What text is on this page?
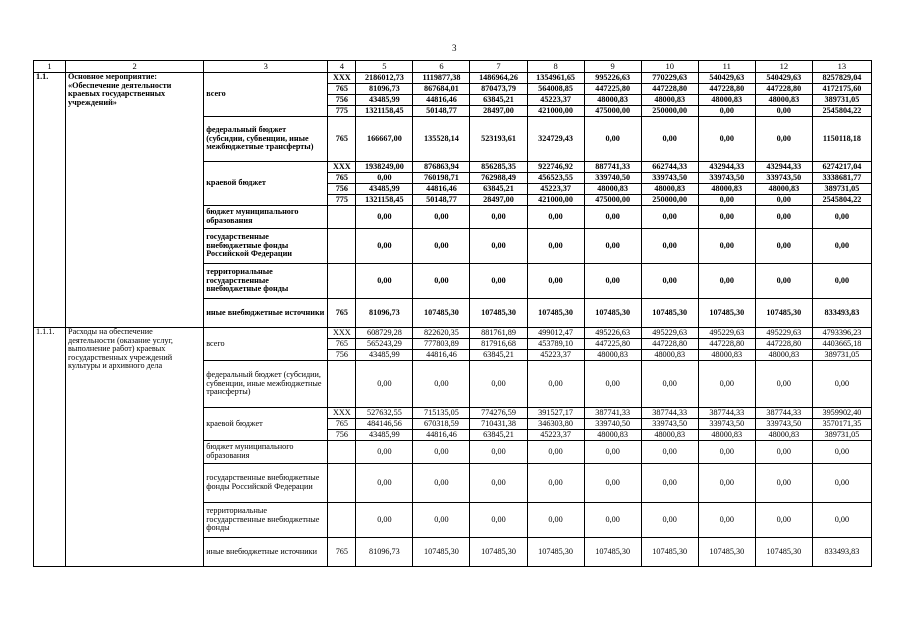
3
1	2	3	4	5	6	7	8	9	10	11	12	13
1.1.	Основное мероприятие: «Обеспечение деятельности краевых государственных учреждений»	всего	XXX	2186012,73	1119877,38	1486964,26	1354961,65	995226,63	770229,63	540429,63	540429,63	8257829,04
			765	81096,73	867684,01	870473,79	564008,85	447225,80	447228,80	447228,80	447228,80	4172175,60
			756	43485,99	44816,46	63845,21	45223,37	48000,83	48000,83	48000,83	48000,83	389731,05
			775	1321158,45	50148,77	28497,00	421000,00	475000,00	250000,00	0,00	0,00	2545804,22
		федеральный бюджет (субсидии, субвенции, иные межбюджетные трансферты)	765	166667,00	135528,14	523193,61	324729,43	0,00	0,00	0,00	0,00	1150118,18
		краевой бюджет	XXX	1938249,00	876863,94	856285,35	922746,92	887741,33	662744,33	432944,33	432944,33	6274217,04
			765	0,00	760198,71	762988,49	456523,55	339740,50	339743,50	339743,50	339743,50	3338681,77
			756	43485,99	44816,46	63845,21	45223,37	48000,83	48000,83	48000,83	48000,83	389731,05
			775	1321158,45	50148,77	28497,00	421000,00	475000,00	250000,00	0,00	0,00	2545804,22
		бюджет муниципального образования		0,00	0,00	0,00	0,00	0,00	0,00	0,00	0,00	0,00
		государственные внебюджетные фонды Российской Федерации		0,00	0,00	0,00	0,00	0,00	0,00	0,00	0,00	0,00
		территориальные государственные внебюджетные фонды		0,00	0,00	0,00	0,00	0,00	0,00	0,00	0,00	0,00
		иные внебюджетные источники	765	81096,73	107485,30	107485,30	107485,30	107485,30	107485,30	107485,30	107485,30	833493,83
1.1.1.	Расходы на обеспечение деятельности (оказание услуг, выполнение работ) краевых государственных учреждений культуры и архивного дела	всего	XXX	608729,28	822620,35	881761,89	499012,47	495226,63	495229,63	495229,63	495229,63	4793396,23
			765	565243,29	777803,89	817916,68	453789,10	447225,80	447228,80	447228,80	447228,80	4403665,18
			756	43485,99	44816,46	63845,21	45223,37	48000,83	48000,83	48000,83	48000,83	389731,05
		федеральный бюджет (субсидии, субвенции, иные межбюджетные трансферты)		0,00	0,00	0,00	0,00	0,00	0,00	0,00	0,00	0,00
		краевой бюджет	XXX	527632,55	715135,05	774276,59	391527,17	387741,33	387744,33	387744,33	387744,33	3959902,40
			765	484146,56	670318,59	710431,38	346303,80	339740,50	339743,50	339743,50	339743,50	3570171,35
			756	43485,99	44816,46	63845,21	45223,37	48000,83	48000,83	48000,83	48000,83	389731,05
		бюджет муниципального образования		0,00	0,00	0,00	0,00	0,00	0,00	0,00	0,00	0,00
		государственные внебюджетные фонды Российской Федерации		0,00	0,00	0,00	0,00	0,00	0,00	0,00	0,00	0,00
		территориальные государственные внебюджетные фонды		0,00	0,00	0,00	0,00	0,00	0,00	0,00	0,00	0,00
		иные внебюджетные источники	765	81096,73	107485,30	107485,30	107485,30	107485,30	107485,30	107485,30	107485,30	833493,83
